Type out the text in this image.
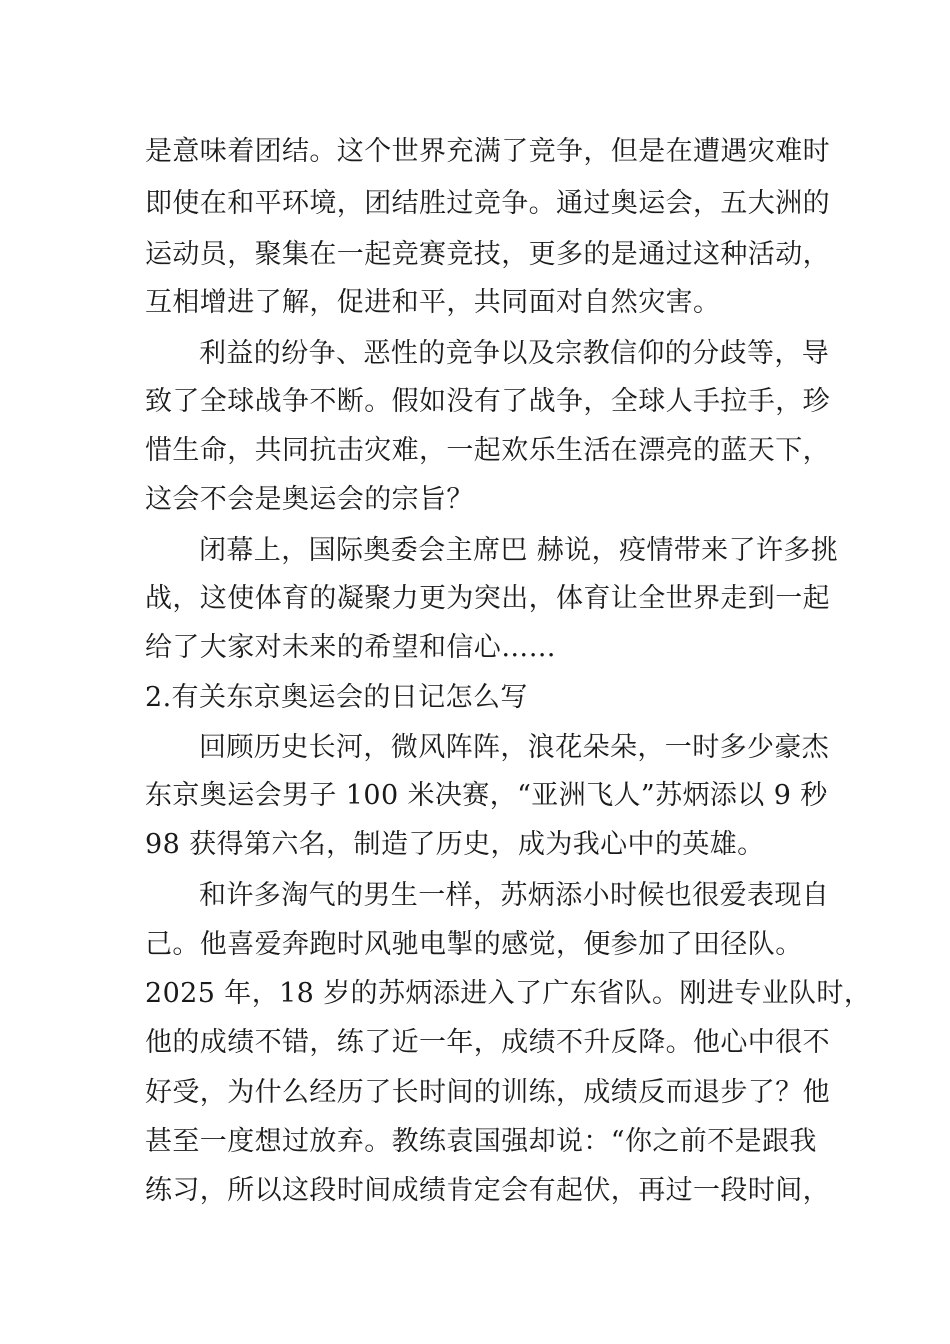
是意味着团结。这个世界充满了竞争，但是在遭遇灾难时
即使在和平环境，团结胜过竞争。通过奥运会，五大洲的
运动员，聚集在一起竞赛竞技，更多的是通过这种活动，
互相增进了解，促进和平，共同面对自然灾害。
利益的纷争、恶性的竞争以及宗教信仰的分歧等，导
致了全球战争不断。假如没有了战争，全球人手拉手，珍
惜生命，共同抗击灾难，一起欢乐生活在漂亮的蓝天下，
这会不会是奥运会的宗旨？
闭幕上，国际奥委会主席巴 赫说，疫情带来了许多挑
战，这使体育的凝聚力更为突出，体育让全世界走到一起
给了大家对未来的希望和信心……
2.有关东京奥运会的日记怎么写
回顾历史长河，微风阵阵，浪花朵朵，一时多少豪杰
东京奥运会男子 100 米决赛，“亚洲飞人”苏炳添以 9 秒
98 获得第六名，制造了历史，成为我心中的英雄。
和许多淘气的男生一样，苏炳添小时候也很爱表现自
己。他喜爱奔跑时风驰电掣的感觉，便参加了田径队。
2025 年，18 岁的苏炳添进入了广东省队。刚进专业队时，
他的成绩不错，练了近一年，成绩不升反降。他心中很不
好受，为什么经历了长时间的训练，成绩反而退步了？他
甚至一度想过放弃。教练袁国强却说：“你之前不是跟我
练习，所以这段时间成绩肯定会有起伏，再过一段时间，
